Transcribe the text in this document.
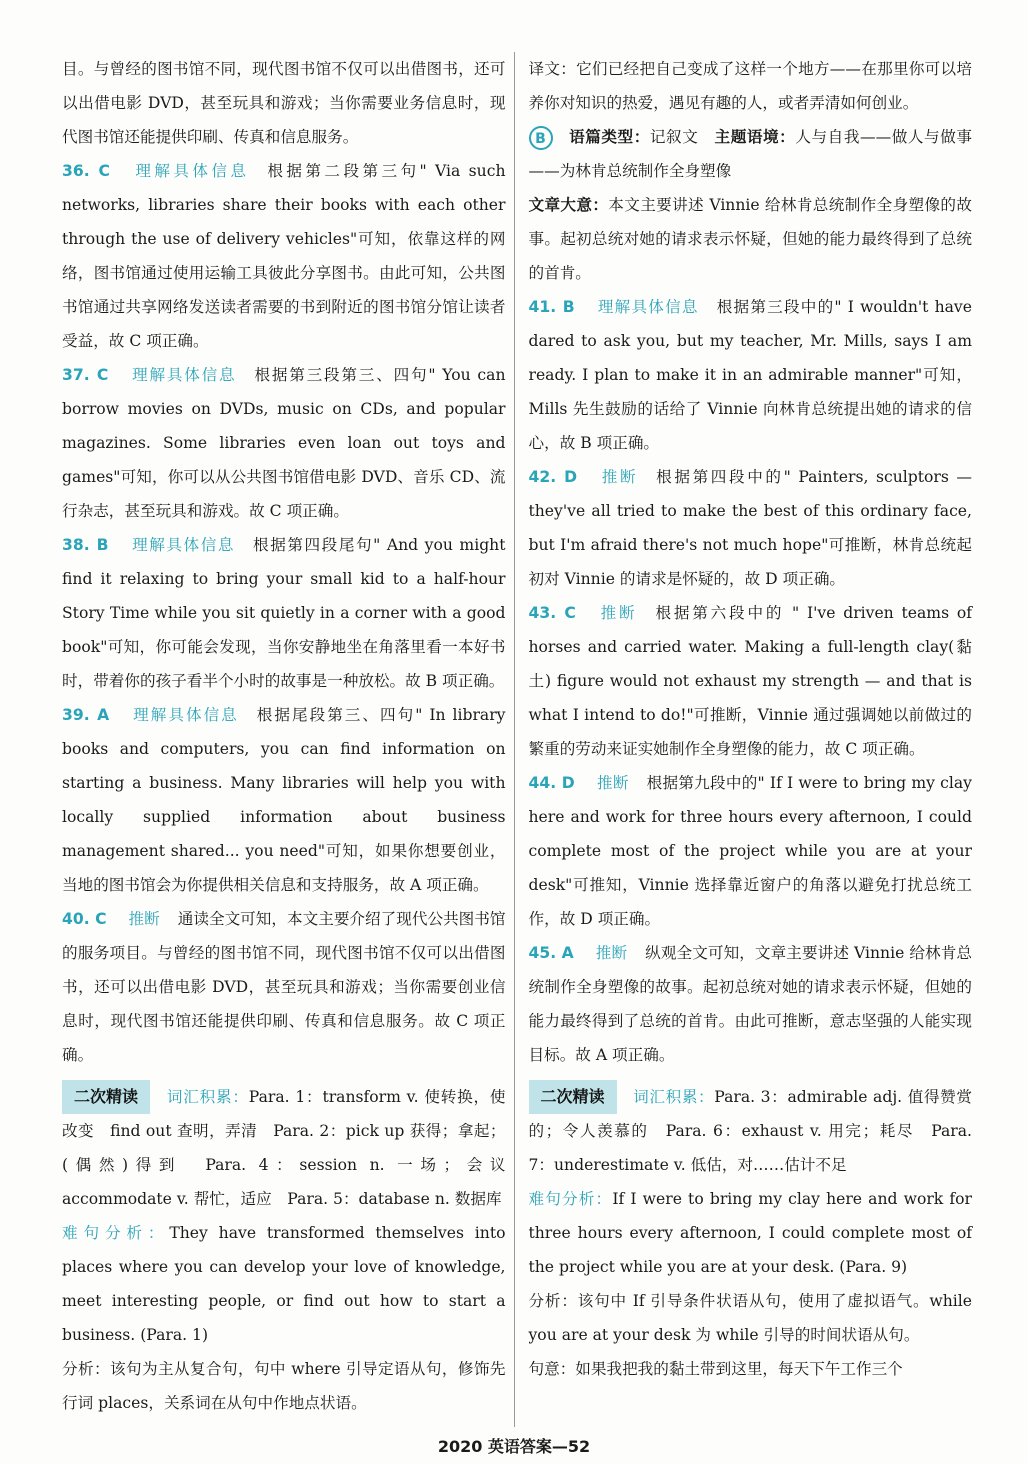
目。与曾经的图书馆不同，现代图书馆不仅可以出借图书，还可以出借电影 DVD，甚至玩具和游戏；当你需要业务信息时，现代图书馆还能提供印刷、传真和信息服务。

36. C 理解具体信息 根据第二段第三句" Via such networks, libraries share their books with each other through the use of delivery vehicles"可知，依靠这样的网络，图书馆通过使用运输工具彼此分享图书。由此可知，公共图书馆通过共享网络发送读者需要的书到附近的图书馆分馆让读者受益，故 C 项正确。

37. C 理解具体信息 根据第三段第三、四句" You can borrow movies on DVDs, music on CDs, and popular magazines. Some libraries even loan out toys and games"可知，你可以从公共图书馆借电影 DVD、音乐 CD、流行杂志，甚至玩具和游戏。故 C 项正确。

38. B 理解具体信息 根据第四段尾句" And you might find it relaxing to bring your small kid to a half-hour Story Time while you sit quietly in a corner with a good book"可知，你可能会发现，当你安静地坐在角落里看一本好书时，带着你的孩子看半个小时的故事是一种放松。故 B 项正确。

39. A 理解具体信息 根据尾段第三、四句" In library books and computers, you can find information on starting a business. Many libraries will help you with locally supplied information about business management shared... you need"可知，如果你想要创业，当地的图书馆会为你提供相关信息和支持服务，故 A 项正确。

40. C 推断 通读全文可知，本文主要介绍了现代公共图书馆的服务项目。与曾经的图书馆不同，现代图书馆不仅可以出借图书，还可以出借电影 DVD，甚至玩具和游戏；当你需要创业信息时，现代图书馆还能提供印刷、传真和信息服务。故 C 项正确。

二次精读 词汇积累：Para. 1：transform v. 使转换，使改变　find out 查明，弄清　Para. 2：pick up 获得；拿起；(偶然)得到　Para. 4：session n. 一场；会议　accommodate v. 帮忙，适应　Para. 5：database n. 数据库

难句分析：They have transformed themselves into places where you can develop your love of knowledge, meet interesting people, or find out how to start a business. (Para. 1)

分析：该句为主从复合句，句中 where 引导定语从句，修饰先行词 places，关系词在从句中作地点状语。

译文：它们已经把自己变成了这样一个地方——在那里你可以培养你对知识的热爱，遇见有趣的人，或者弄清如何创业。

B 语篇类型：记叙文　 主题语境：人与自我——做人与做事——为林肯总统制作全身塑像

文章大意：本文主要讲述 Vinnie 给林肯总统制作全身塑像的故事。起初总统对她的请求表示怀疑，但她的能力最终得到了总统的首肯。

41. B 理解具体信息 根据第三段中的" I wouldn't have dared to ask you, but my teacher, Mr. Mills, says I am ready. I plan to make it in an admirable manner"可知，Mills 先生鼓励的话给了 Vinnie 向林肯总统提出她的请求的信心，故 B 项正确。

42. D 推断 根据第四段中的" Painters, sculptors — they've all tried to make the best of this ordinary face, but I'm afraid there's not much hope"可推断，林肯总统起初对 Vinnie 的请求是怀疑的，故 D 项正确。

43. C 推断 根据第六段中的 " I've driven teams of horses and carried water. Making a full-length clay(黏土) figure would not exhaust my strength — and that is what I intend to do!"可推断，Vinnie 通过强调她以前做过的繁重的劳动来证实她制作全身塑像的能力，故 C 项正确。

44. D 推断 根据第九段中的" If I were to bring my clay here and work for three hours every afternoon, I could complete most of the project while you are at your desk"可推知，Vinnie 选择靠近窗户的角落以避免打扰总统工作，故 D 项正确。

45. A 推断 纵观全文可知，文章主要讲述 Vinnie 给林肯总统制作全身塑像的故事。起初总统对她的请求表示怀疑，但她的能力最终得到了总统的首肯。由此可推断，意志坚强的人能实现目标。故 A 项正确。

二次精读 词汇积累：Para. 3：admirable adj. 值得赞赏的；令人羡慕的　Para. 6：exhaust v. 用完；耗尽　Para. 7：underestimate v. 低估，对……估计不足

难句分析：If I were to bring my clay here and work for three hours every afternoon, I could complete most of the project while you are at your desk. (Para. 9)

分析：该句中 If 引导条件状语从句，使用了虚拟语气。while you are at your desk 为 while 引导的时间状语从句。

句意：如果我把我的黏土带到这里，每天下午工作三个

2020 英语答案—52
